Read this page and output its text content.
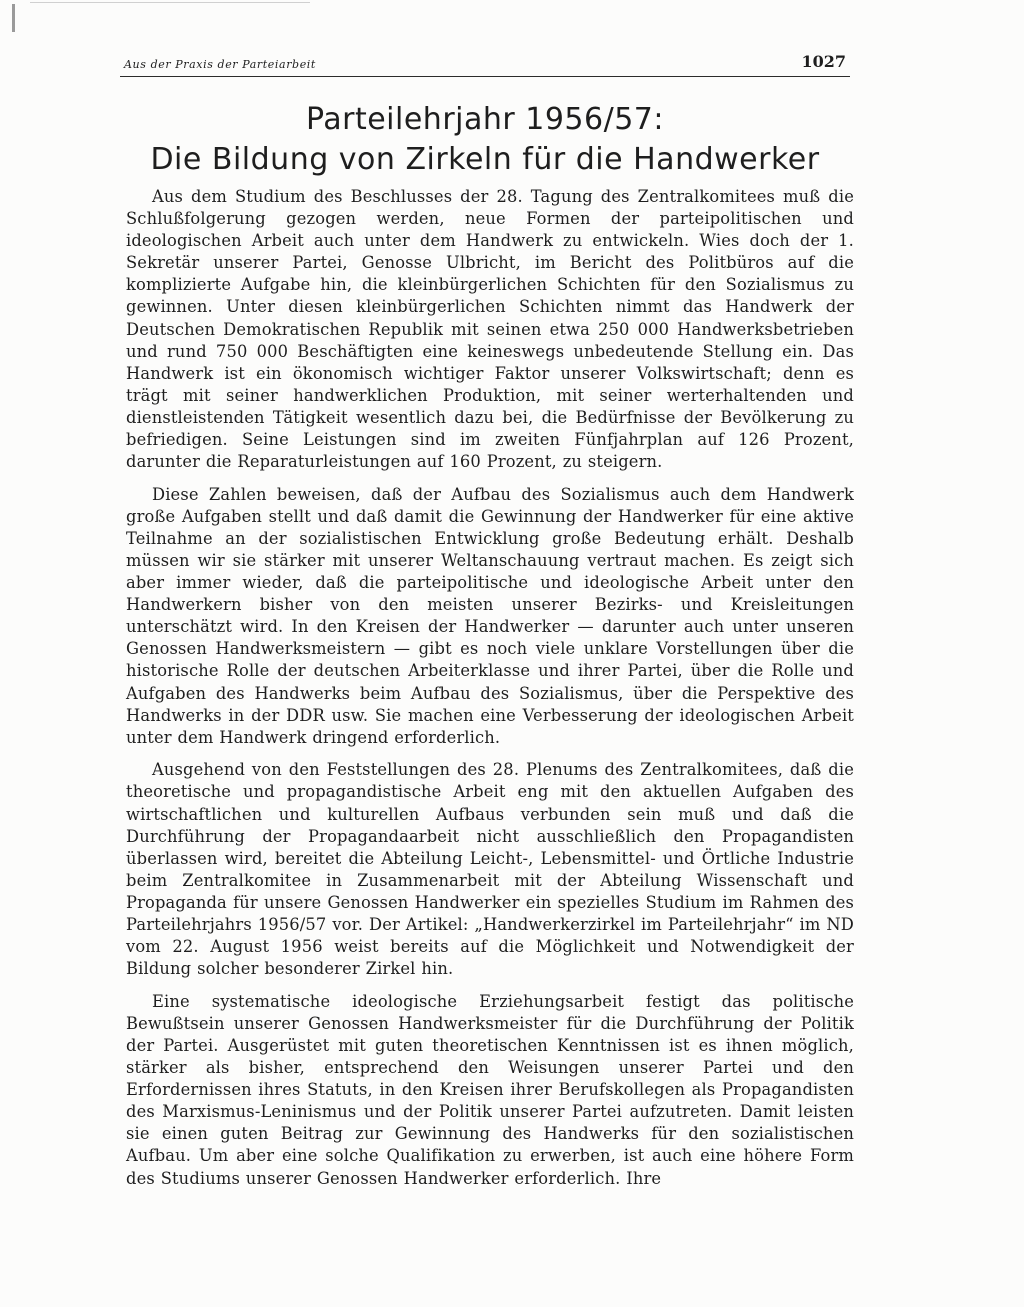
Aus der Praxis der Parteiarbeit	1027
Parteilehrjahr 1956/57:
Die Bildung von Zirkeln für die Handwerker

Aus dem Studium des Beschlusses der 28. Tagung des Zentralkomitees muß die Schlußfolgerung gezogen werden, neue Formen der parteipolitischen und ideologischen Arbeit auch unter dem Handwerk zu entwickeln. Wies doch der 1. Sekretär unserer Partei, Genosse Ulbricht, im Bericht des Politbüros auf die komplizierte Aufgabe hin, die kleinbürgerlichen Schichten für den Sozialismus zu gewinnen. Unter diesen kleinbürgerlichen Schichten nimmt das Handwerk der Deutschen Demokratischen Republik mit seinen etwa 250 000 Handwerksbetrieben und rund 750 000 Beschäftigten eine keineswegs unbedeutende Stellung ein. Das Handwerk ist ein ökonomisch wichtiger Faktor unserer Volkswirtschaft; denn es trägt mit seiner handwerklichen Produktion, mit seiner werterhaltenden und dienstleistenden Tätigkeit wesentlich dazu bei, die Bedürfnisse der Bevölkerung zu befriedigen. Seine Leistungen sind im zweiten Fünfjahrplan auf 126 Prozent, darunter die Reparaturleistungen auf 160 Prozent, zu steigern.

Diese Zahlen beweisen, daß der Aufbau des Sozialismus auch dem Handwerk große Aufgaben stellt und daß damit die Gewinnung der Handwerker für eine aktive Teilnahme an der sozialistischen Entwicklung große Bedeutung erhält. Deshalb müssen wir sie stärker mit unserer Weltanschauung vertraut machen. Es zeigt sich aber immer wieder, daß die parteipolitische und ideologische Arbeit unter den Handwerkern bisher von den meisten unserer Bezirks- und Kreisleitungen unterschätzt wird. In den Kreisen der Handwerker — darunter auch unter unseren Genossen Handwerksmeistern — gibt es noch viele unklare Vorstellungen über die historische Rolle der deutschen Arbeiterklasse und ihrer Partei, über die Rolle und Aufgaben des Handwerks beim Aufbau des Sozialismus, über die Perspektive des Handwerks in der DDR usw. Sie machen eine Verbesserung der ideologischen Arbeit unter dem Handwerk dringend erforderlich.

Ausgehend von den Feststellungen des 28. Plenums des Zentralkomitees, daß die theoretische und propagandistische Arbeit eng mit den aktuellen Aufgaben des wirtschaftlichen und kulturellen Aufbaus verbunden sein muß und daß die Durchführung der Propagandaarbeit nicht ausschließlich den Propagandisten überlassen wird, bereitet die Abteilung Leicht-, Lebensmittel- und Örtliche Industrie beim Zentralkomitee in Zusammenarbeit mit der Abteilung Wissenschaft und Propaganda für unsere Genossen Handwerker ein spezielles Studium im Rahmen des Parteilehrjahrs 1956/57 vor. Der Artikel: „Handwerkerzirkel im Parteilehrjahr“ im ND vom 22. August 1956 weist bereits auf die Möglichkeit und Notwendigkeit der Bildung solcher besonderer Zirkel hin.

Eine systematische ideologische Erziehungsarbeit festigt das politische Bewußtsein unserer Genossen Handwerksmeister für die Durchführung der Politik der Partei. Ausgerüstet mit guten theoretischen Kenntnissen ist es ihnen möglich, stärker als bisher, entsprechend den Weisungen unserer Partei und den Erfordernissen ihres Statuts, in den Kreisen ihrer Berufskollegen als Propagandisten des Marxismus-Leninismus und der Politik unserer Partei aufzutreten. Damit leisten sie einen guten Beitrag zur Gewinnung des Handwerks für den sozialistischen Aufbau. Um aber eine solche Qualifikation zu erwerben, ist auch eine höhere Form des Studiums unserer Genossen Handwerker erforderlich. Ihre
